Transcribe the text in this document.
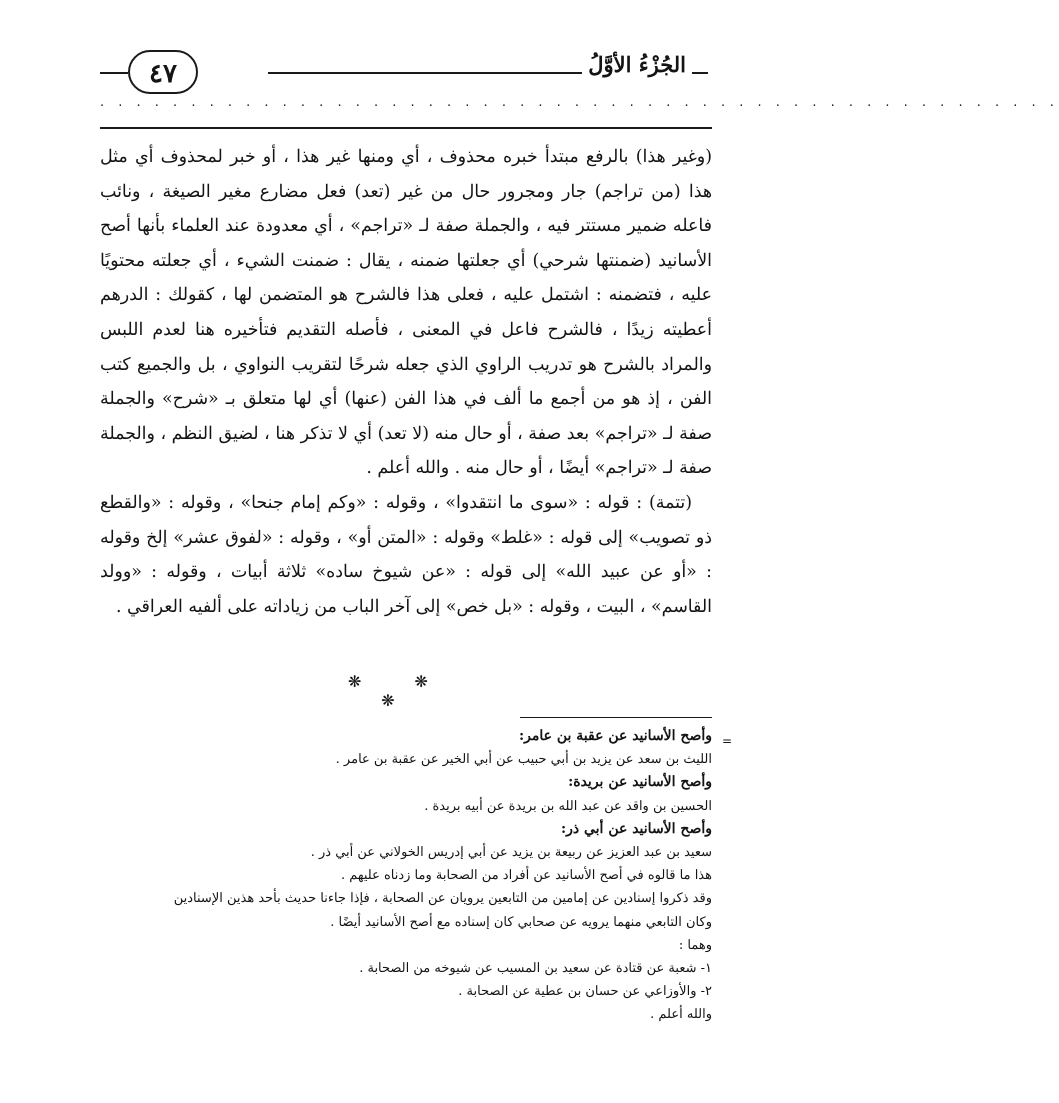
٤٧	الجُزْءُ الأوَّلُ
. . . . . . . . . . . . . . . . . . . . . . . . . . . . . . . . . . . . . . . . . . . . . . . . . . . . .

(وغير هذا) بالرفع مبتدأ خبره محذوف ، أي ومنها غير هذا ، أو خبر لمحذوف أي مثل هذا (من تراجم) جار ومجرور حال من غير (تعد) فعل مضارع مغير الصيغة ، ونائب فاعله ضمير مستتر فيه ، والجملة صفة لـ «تراجم» ، أي معدودة عند العلماء بأنها أصح الأسانيد (ضمنتها شرحي) أي جعلتها ضمنه ، يقال : ضمنت الشيء ، أي جعلته محتويًا عليه ، فتضمنه : اشتمل عليه ، فعلى هذا فالشرح هو المتضمن لها ، كقولك : الدرهم أعطيته زيدًا ، فالشرح فاعل في المعنى ، فأصله التقديم فتأخيره هنا لعدم اللبس والمراد بالشرح هو تدريب الراوي الذي جعله شرحًا لتقريب النواوي ، بل والجميع كتب الفن ، إذ هو من أجمع ما ألف في هذا الفن (عنها) أي لها متعلق بـ «شرح» والجملة صفة لـ «تراجم» بعد صفة ، أو حال منه (لا تعد) أي لا تذكر هنا ، لضيق النظم ، والجملة صفة لـ «تراجم» أيضًا ، أو حال منه . والله أعلم .

(تتمة) : قوله : «سوى ما انتقدوا» ، وقوله : «وكم إمام جنحا» ، وقوله : «والقطع ذو تصويب» إلى قوله : «غلط» وقوله : «المتن أو» ، وقوله : «لفوق عشر» إلخ وقوله : «أو عن عبيد الله» إلى قوله : «عن شيوخ ساده» ثلاثة أبيات ، وقوله : «وولد القاسم» ، البيت ، وقوله : «بل خص» إلى آخر الباب من زياداته على ألفيه العراقي .

❋ ❋ ❋
=

وأصح الأسانيد عن عقبة بن عامر:

الليث بن سعد عن يزيد بن أبي حبيب عن أبي الخير عن عقبة بن عامر .

وأصح الأسانيد عن بريدة:

الحسين بن واقد عن عبد الله بن بريدة عن أبيه بريدة .

وأصح الأسانيد عن أبي ذر:

سعيد بن عبد العزيز عن ربيعة بن يزيد عن أبي إدريس الخولاني عن أبي ذر .

هذا ما قالوه في أصح الأسانيد عن أفراد من الصحابة وما زدناه عليهم .

وقد ذكروا إسنادين عن إمامين من التابعين يرويان عن الصحابة ، فإذا جاءنا حديث بأحد هذين الإسنادين

وكان التابعي منهما يرويه عن صحابي كان إسناده مع أصح الأسانيد أيضًا .

وهما :

١- شعبة عن قتادة عن سعيد بن المسيب عن شيوخه من الصحابة .

٢- والأوزاعي عن حسان بن عطية عن الصحابة .

والله أعلم .
